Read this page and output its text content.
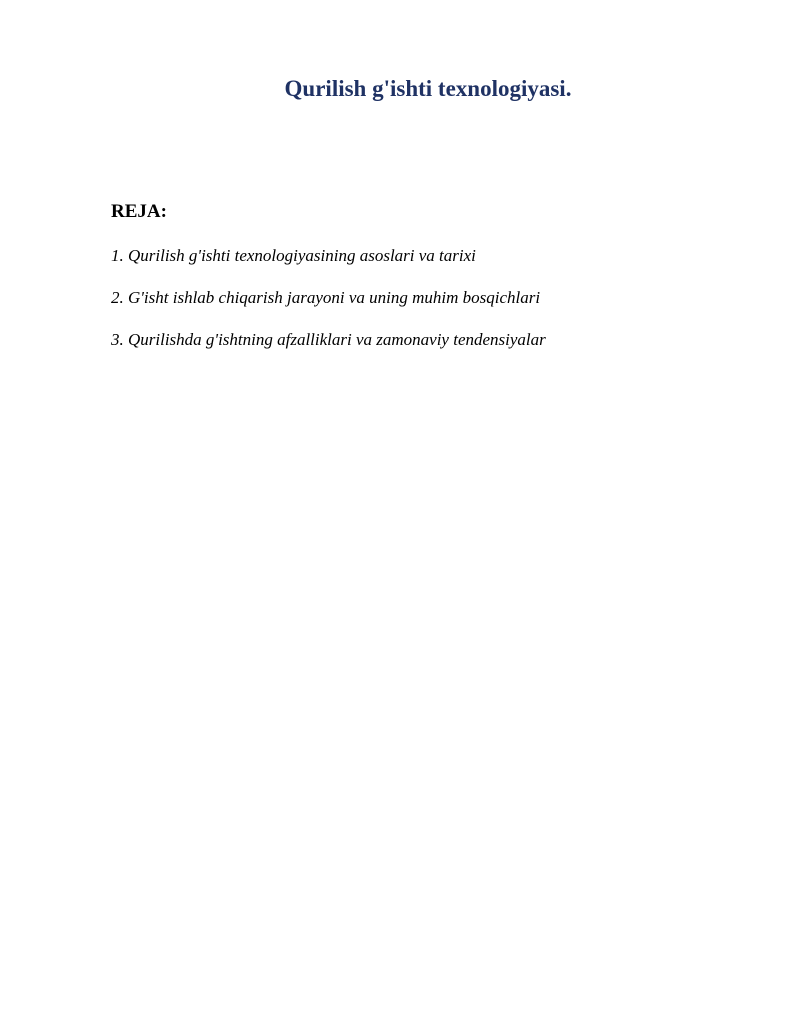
Qurilish g'ishti texnologiyasi.
REJA:
1. Qurilish g'ishti texnologiyasining asoslari va tarixi
2. G'isht ishlab chiqarish jarayoni va uning muhim bosqichlari
3. Qurilishda g'ishtning afzalliklari va zamonaviy tendensiyalar
